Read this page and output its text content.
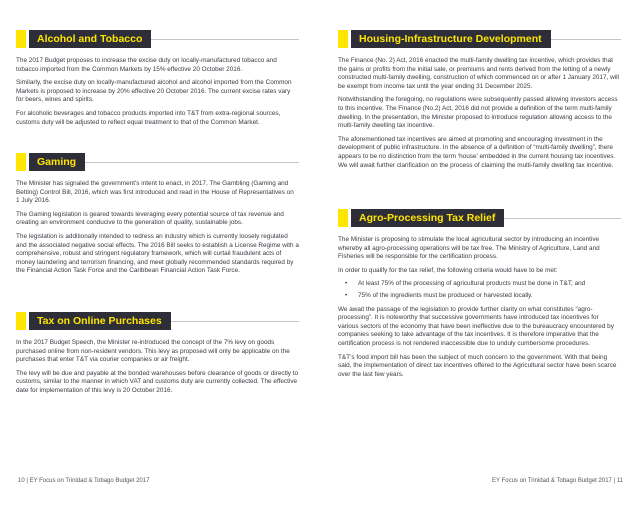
Alcohol and Tobacco

The 2017 Budget proposes to increase the excise duty on locally-manufactured tobacco and tobacco imported from the Common Markets by 15% effective 20 October 2016.

Similarly, the excise duty on locally-manufactured alcohol and alcohol imported from the Common Markets is proposed to increase by 20% effective 20 October 2016. The current excise rates vary for beers, wines and spirits.

For alcoholic beverages and tobacco products imported into T&T from extra-regional sources, customs duty will be adjusted to reflect equal treatment to that of the Common Market.

Gaming

The Minister has signaled the government’s intent to enact, in 2017, The Gambling (Gaming and Betting) Control Bill, 2016, which was first introduced and read in the House of Representatives on 1 July 2016.

The Gaming legislation is geared towards leveraging every potential source of tax revenue and creating an environment conducive to the generation of quality, sustainable jobs.

The legislation is additionally intended to redress an industry which is currently loosely regulated and the associated negative social effects. The 2016 Bill seeks to establish a License Regime with a comprehensive, robust and stringent regulatory framework, which will curtail fraudulent acts of money laundering and terrorism financing, and meet globally recommended standards required by the Financial Action Task Force and the Caribbean Financial Action Task Force.

Tax on Online Purchases

In the 2017 Budget Speech, the Minister re-introduced the concept of the 7% levy on goods purchased online from non-resident vendors. This levy as proposed will only be applicable on the purchases that enter T&T via courier companies or air freight.

The levy will be due and payable at the bonded warehouses before clearance of goods or directly to customs, similar to the manner in which VAT and customs duty are currently collected. The effective date for implementation of this levy is 20 October 2016.

10 | EY Focus on Trinidad & Tobago Budget 2017
Housing-Infrastructure Development

The Finance (No. 2) Act, 2016 enacted the multi-family dwelling tax incentive, which provides that the gains or profits from the initial sale, or premiums and rents derived from the letting of a newly constructed multi-family dwelling, construction of which commenced on or after 1 January 2017, will be exempt from income tax until the year ending 31 December 2025.

Notwithstanding the foregoing, no regulations were subsequently passed allowing investors access to this incentive. The Finance (No.2) Act, 2016 did not provide a definition of the term multi-family dwelling. In the presentation, the Minister proposed to introduce regulation allowing access to the multi-family dwelling tax incentive.

The aforementioned tax incentives are aimed at promoting and encouraging investment in the development of public infrastructure. In the absence of a definition of “multi-family dwelling”, there appears to be no distinction from the term ‘house’ embedded in the current housing tax incentives. We will await further clarification on the process of claiming the multi-family dwelling tax incentive.

Agro-Processing Tax Relief

The Minister is proposing to stimulate the local agricultural sector by introducing an incentive whereby all agro-processing operations will be tax free. The Ministry of Agriculture, Land and Fisheries will be responsible for the certification process.

In order to qualify for the tax relief, the following criteria would have to be met:

• At least 75% of the processing of agricultural products must be done in T&T; and
• 75% of the ingredients must be produced or harvested locally.

We await the passage of the legislation to provide further clarity on what constitutes “agro-processing”. It is noteworthy that successive governments have introduced tax incentives for various sectors of the economy that have been ineffective due to the bureaucracy encountered by companies seeking to take advantage of the tax incentives. It is therefore imperative that the certification process is not rendered inaccessible due to unduly cumbersome procedures.

T&T’s food import bill has been the subject of much concern to the government. With that being said, the implementation of direct tax incentives offered to the Agricultural sector have been scarce over the last few years.

EY Focus on Trinidad & Tobago Budget 2017 | 11
